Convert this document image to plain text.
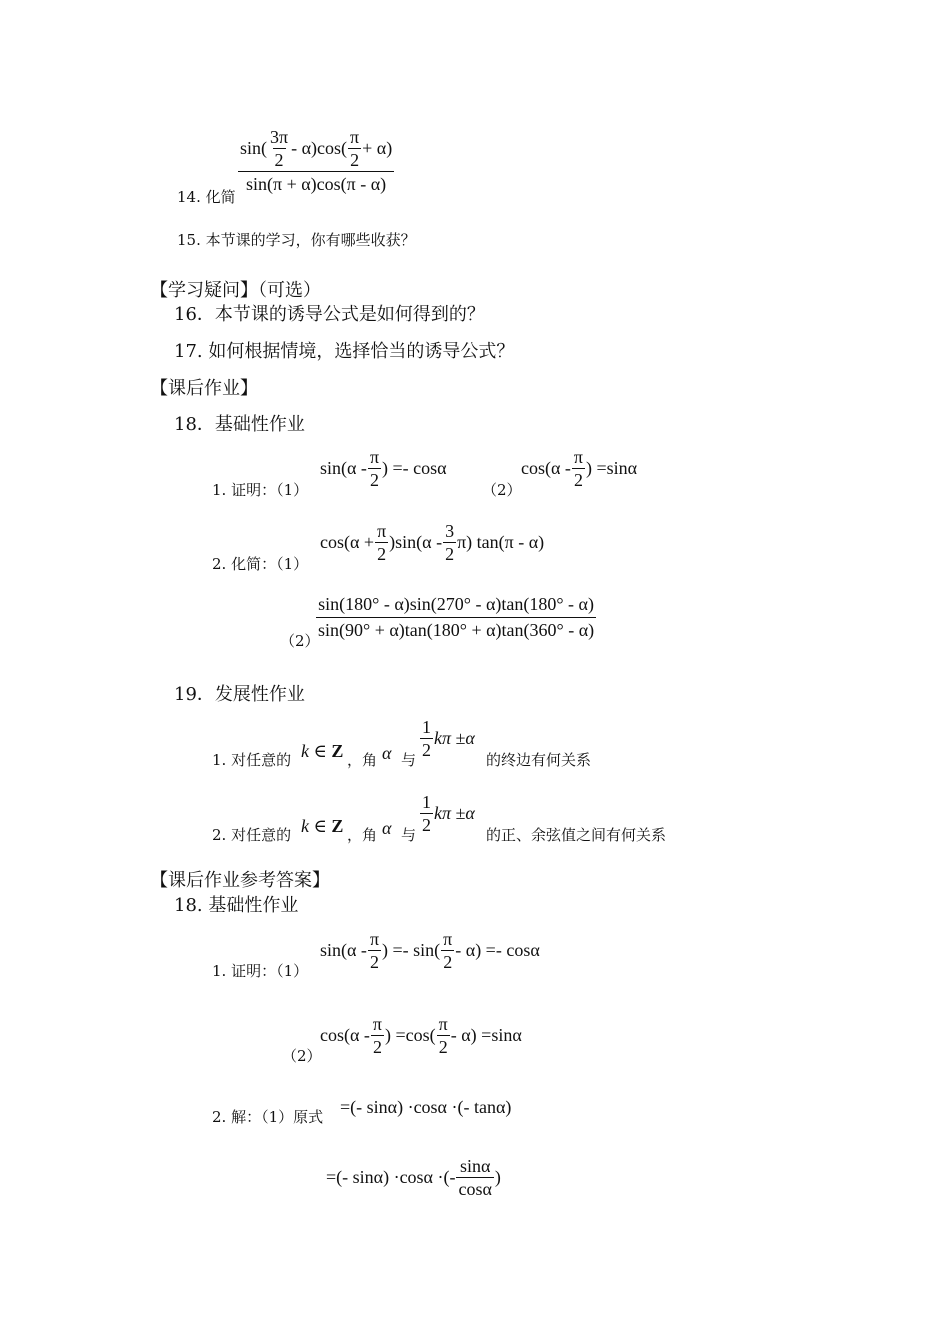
14. 化简
$\sin( \frac{3\pi}{2} - \alpha)\cos( \frac{\pi}{2} + \alpha)$
sin(π + α)cos(π - α)
15. 本节课的学习，你有哪些收获？
【学习疑问】（可选）
16．本节课的诱导公式是如何得到的？
17. 如何根据情境，选择恰当的诱导公式？
【课后作业】
18．基础性作业
1. 证明：（1）
$\sin(\alpha - \frac{\pi}{2}$ ) =- cosα
（2）
$\cos(\alpha - \frac{\pi}{2}$ ) =sinα
2. 化简：（1）
$\cos(\alpha + \frac{\pi}{2} )\sin(\alpha - \frac{3}{2} \pi)$ tan(π - α)
（2）
sin(180° - α)sin(270° - α)tan(180° - α)
sin(90° + α)tan(180° + α)tan(360° - α)
19．发展性作业
1. 对任意的 k ∈ Z ，角 α 与 $\frac{1}{2}$ kπ ±α
的终边有何关系
2. 对任意的 k ∈ Z ，角 α 与 $\frac{1}{2}$ kπ ±α
的正、余弦值之间有何关系
【课后作业参考答案】
18. 基础性作业
1. 证明：（1）
$\sin(\alpha - \frac{\pi}{2}$ ) =- $\sin( \frac{\pi}{2} - \alpha) =- \cos\alpha$
（2）
$\cos(\alpha - \frac{\pi}{2}$ ) $=\cos( \frac{\pi}{2} - \alpha) =\sin\alpha$
2. 解：（1）原式 =(- sinα) ·cosα ·(- tanα)
=(- sinα) ·cosα ·(- $\frac{\sin\alpha}{\cos\alpha}$ )
